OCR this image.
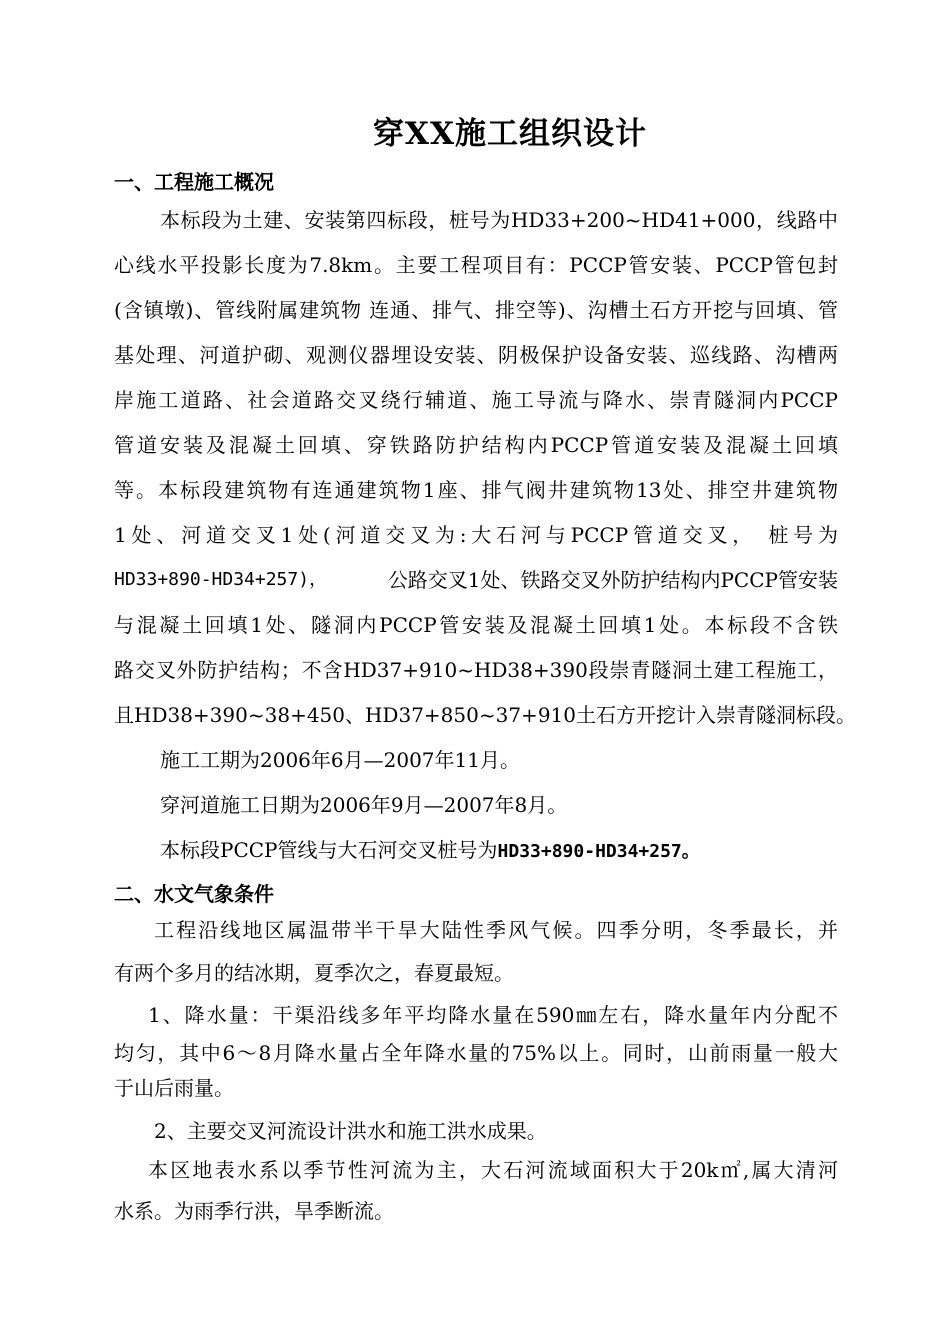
穿XX施工组织设计
一、工程施工概况

本标段为土建、安装第四标段，桩号为HD33+200~HD41+000，线路中

心线水平投影长度为7.8km。主要工程项目有：PCCP管安装、PCCP管包封

(含镇墩)、管线附属建筑物 连通、排气、排空等)、沟槽土石方开挖与回填、管

基处理、河道护砌、观测仪器埋设安装、阴极保护设备安装、巡线路、沟槽两

岸施工道路、社会道路交叉绕行辅道、施工导流与降水、崇青隧洞内PCCP

管道安装及混凝土回填、穿铁路防护结构内PCCP管道安装及混凝土回填

等。本标段建筑物有连通建筑物1座、排气阀井建筑物13处、排空井建筑物

1处、河道交叉1处(河道交叉为:大石河与PCCP管道交叉， 桩号为

HD33+890-HD34+257)，	公路交叉1处、铁路交叉外防护结构内PCCP管安装

与混凝土回填1处、隧洞内PCCP管安装及混凝土回填1处。本标段不含铁

路交叉外防护结构；不含HD37+910~HD38+390段崇青隧洞土建工程施工，

且HD38+390~38+450、HD37+850~37+910土石方开挖计入崇青隧洞标段。

施工工期为2006年6月—2007年11月。

穿河道施工日期为2006年9月—2007年8月。

本标段PCCP管线与大石河交叉桩号为HD33+890-HD34+257。

二、水文气象条件

工程沿线地区属温带半干旱大陆性季风气候。四季分明，冬季最长，并

有两个多月的结冰期，夏季次之，春夏最短。

1、降水量：干渠沿线多年平均降水量在590㎜左右，降水量年内分配不

均匀，其中6～8月降水量占全年降水量的75%以上。同时，山前雨量一般大

于山后雨量。

2、主要交叉河流设计洪水和施工洪水成果。

本区地表水系以季节性河流为主，大石河流域面积大于20k㎡,属大清河

水系。为雨季行洪，旱季断流。
